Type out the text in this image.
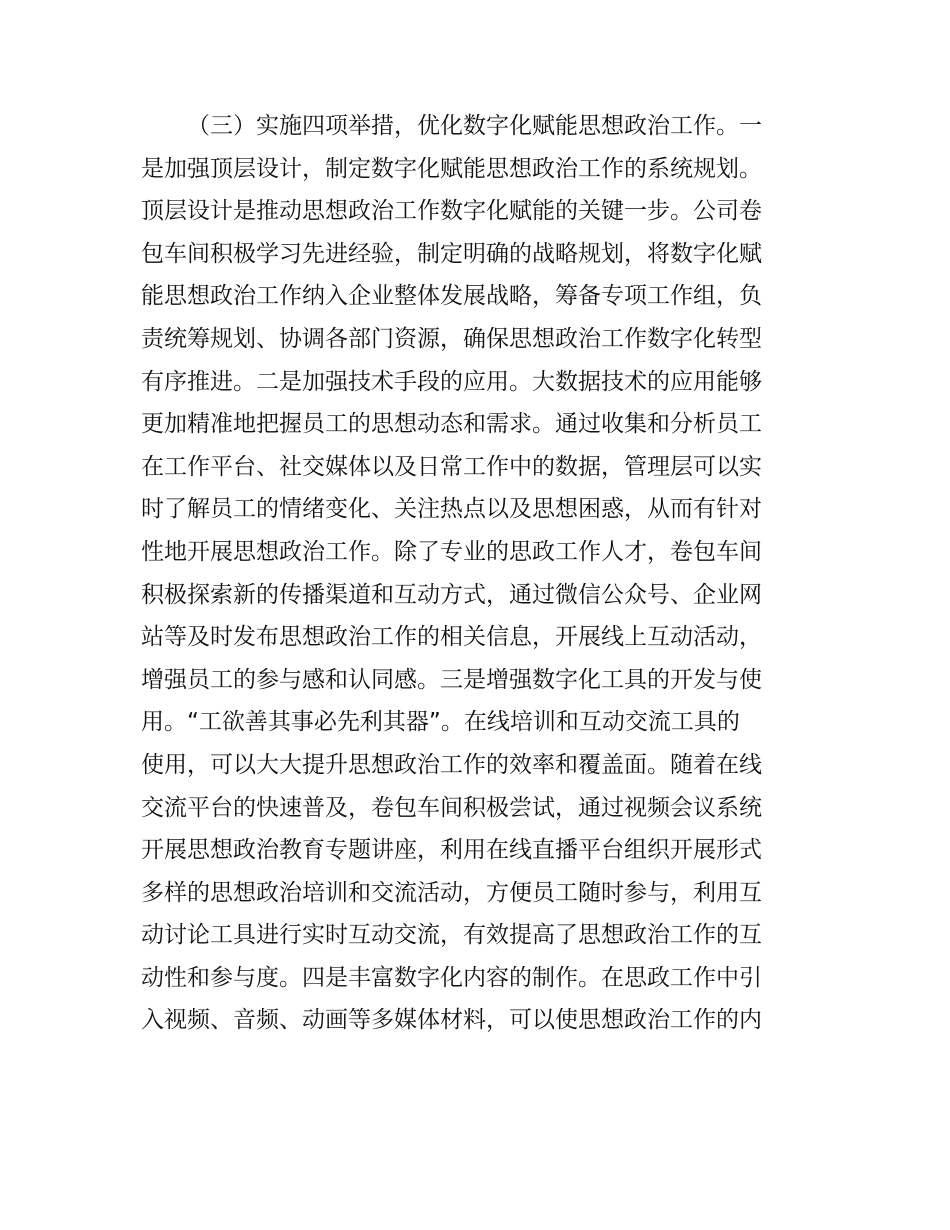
（三）实施四项举措，优化数字化赋能思想政治工作。一
是加强顶层设计，制定数字化赋能思想政治工作的系统规划。
顶层设计是推动思想政治工作数字化赋能的关键一步。公司卷
包车间积极学习先进经验，制定明确的战略规划，将数字化赋
能思想政治工作纳入企业整体发展战略，筹备专项工作组，负
责统筹规划、协调各部门资源，确保思想政治工作数字化转型
有序推进。二是加强技术手段的应用。大数据技术的应用能够
更加精准地把握员工的思想动态和需求。通过收集和分析员工
在工作平台、社交媒体以及日常工作中的数据，管理层可以实
时了解员工的情绪变化、关注热点以及思想困惑，从而有针对
性地开展思想政治工作。除了专业的思政工作人才，卷包车间
积极探索新的传播渠道和互动方式，通过微信公众号、企业网
站等及时发布思想政治工作的相关信息，开展线上互动活动，
增强员工的参与感和认同感。三是增强数字化工具的开发与使
用。“工欲善其事必先利其器”。在线培训和互动交流工具的
使用，可以大大提升思想政治工作的效率和覆盖面。随着在线
交流平台的快速普及，卷包车间积极尝试，通过视频会议系统
开展思想政治教育专题讲座，利用在线直播平台组织开展形式
多样的思想政治培训和交流活动，方便员工随时参与，利用互
动讨论工具进行实时互动交流，有效提高了思想政治工作的互
动性和参与度。四是丰富数字化内容的制作。在思政工作中引
入视频、音频、动画等多媒体材料，可以使思想政治工作的内
